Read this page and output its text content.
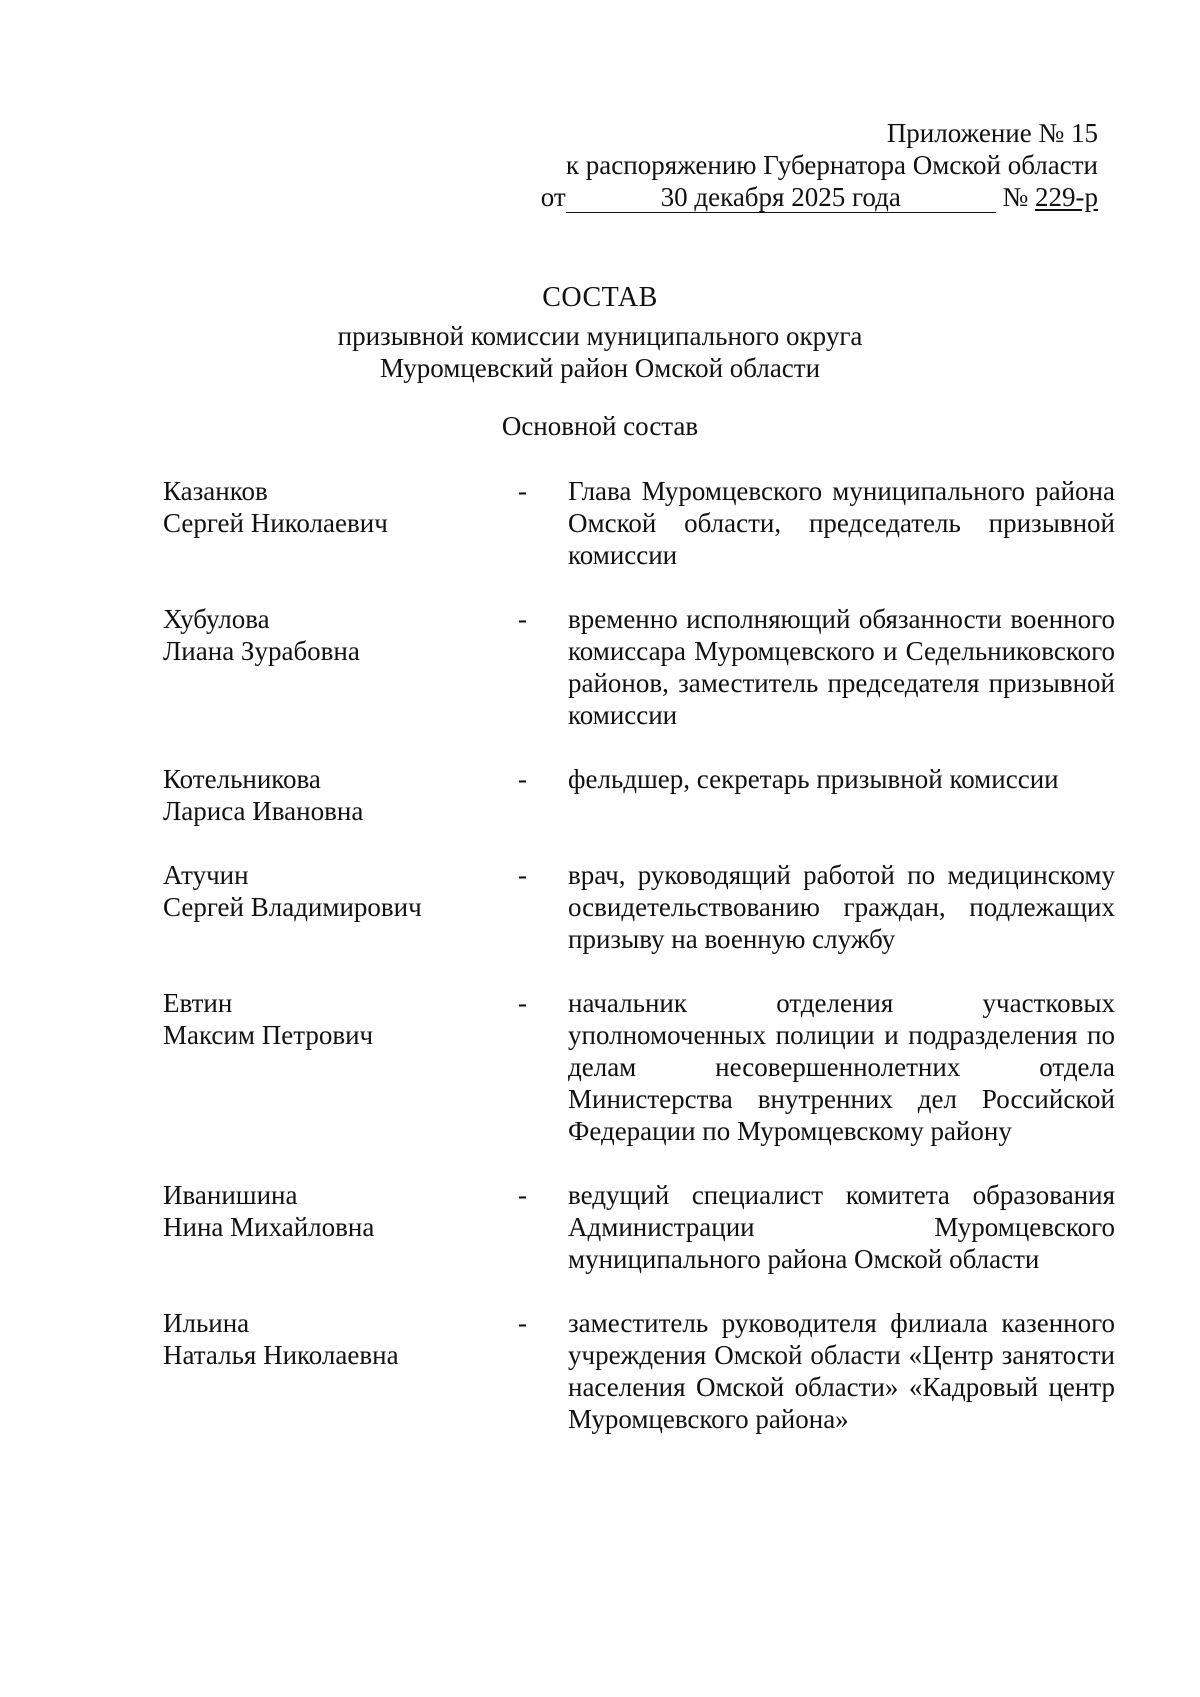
Приложение № 15
к распоряжению Губернатора Омской области
от	30 декабря 2025 года	№ 229-р
СОСТАВ
призывной комиссии муниципального округа
Муромцевский район Омской области
Основной состав
Казанков
Сергей Николаевич
-	Глава Муромцевского муниципального района Омской области, председатель призывной комиссии
Хубулова
Лиана Зурабовна
-	временно исполняющий обязанности военного комиссара Муромцевского и Седельниковского районов, заместитель председателя призывной комиссии
Котельникова
Лариса Ивановна
-	фельдшер, секретарь призывной комиссии
Атучин
Сергей Владимирович
-	врач, руководящий работой по медицинскому освидетельствованию граждан, подлежащих призыву на военную службу
Евтин
Максим Петрович
-	начальник отделения участковых уполномоченных полиции и подразделения по делам несовершеннолетних отдела Министерства внутренних дел Российской Федерации по Муромцевскому району
Иванишина
Нина Михайловна
-	ведущий специалист комитета образования Администрации Муромцевского муниципального района Омской области
Ильина
Наталья Николаевна
-	заместитель руководителя филиала казенного учреждения Омской области «Центр занятости населения Омской области» «Кадровый центр Муромцевского района»
